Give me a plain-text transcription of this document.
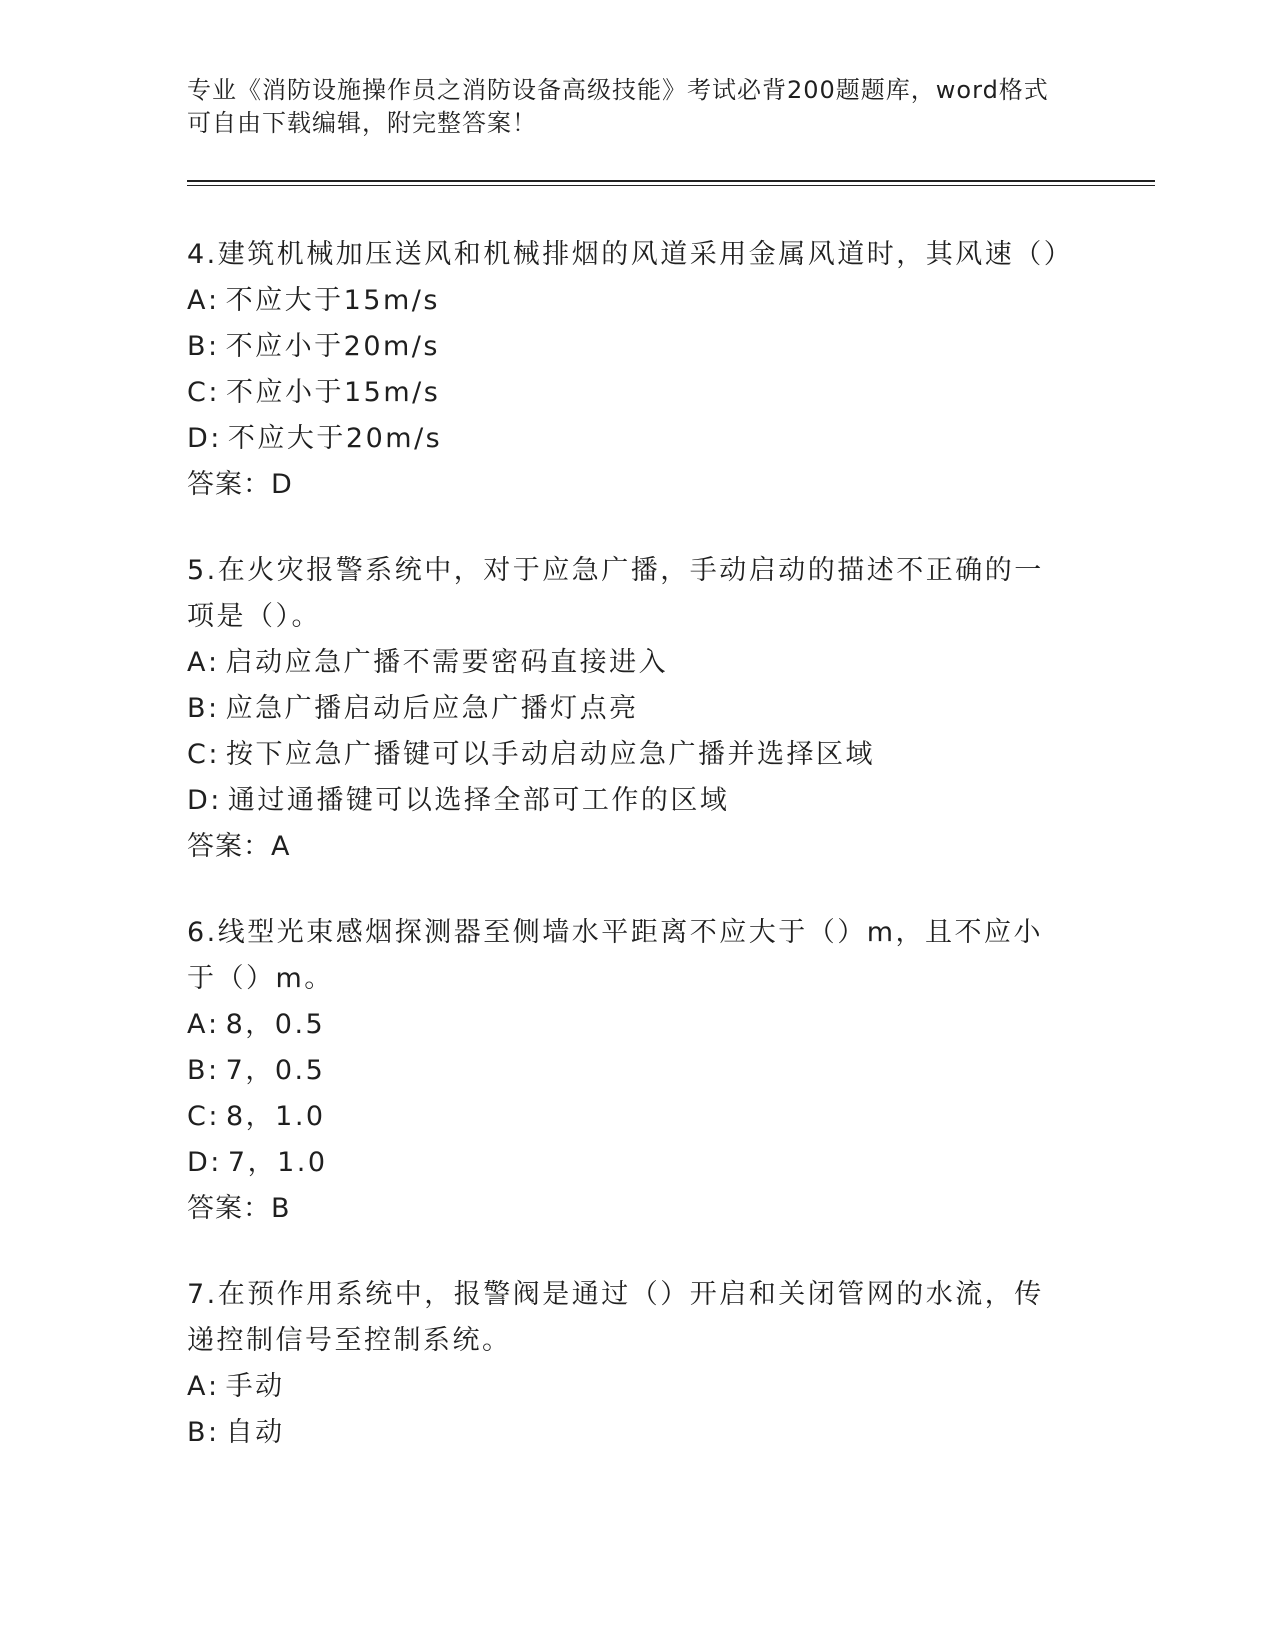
专业《消防设施操作员之消防设备高级技能》考试必背200题题库，word格式可自由下载编辑，附完整答案！

4.建筑机械加压送风和机械排烟的风道采用金属风道时，其风速（）

A : 不应大于15m/s

B : 不应小于20m/s

C : 不应小于15m/s

D : 不应大于20m/s

答案：D

5.在火灾报警系统中，对于应急广播，手动启动的描述不正确的一项是（）。

A : 启动应急广播不需要密码直接进入

B : 应急广播启动后应急广播灯点亮

C : 按下应急广播键可以手动启动应急广播并选择区域

D : 通过通播键可以选择全部可工作的区域

答案：A

6.线型光束感烟探测器至侧墙水平距离不应大于（）m，且不应小于（）m。

A : 8，0.5

B : 7，0.5

C : 8，1.0

D : 7，1.0

答案：B

7.在预作用系统中，报警阀是通过（）开启和关闭管网的水流，传递控制信号至控制系统。

A : 手动

B : 自动
